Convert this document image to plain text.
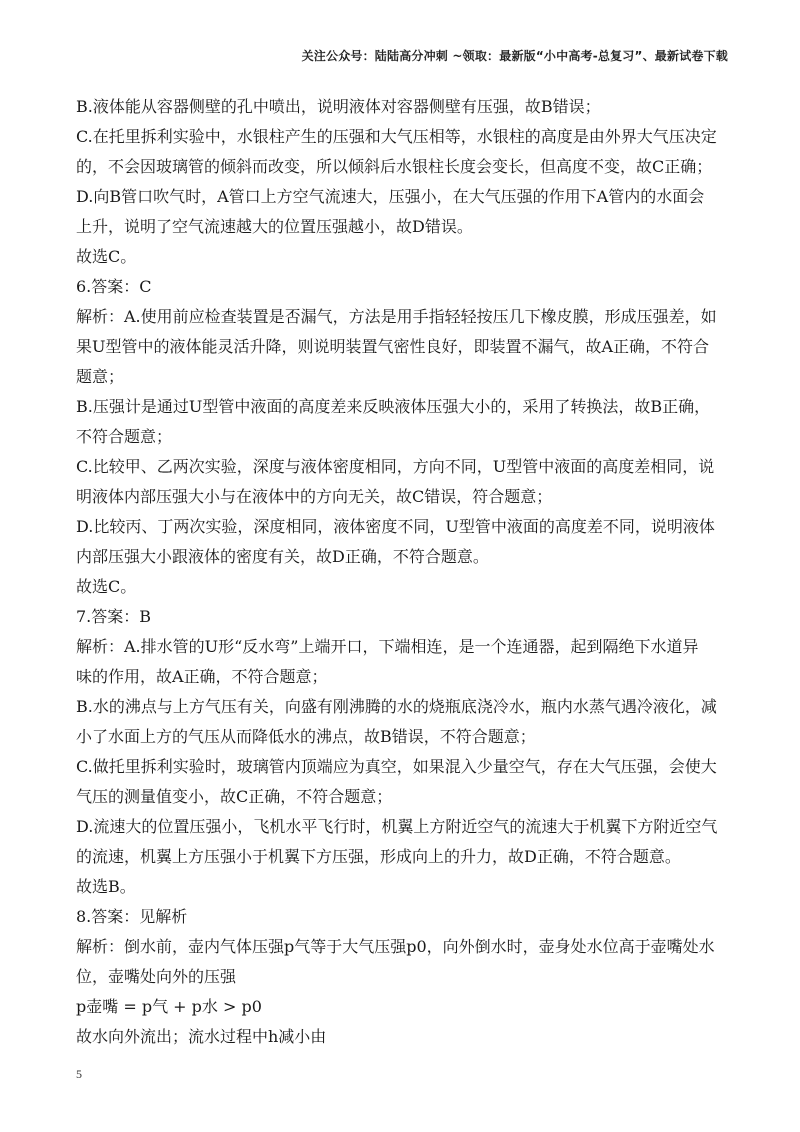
关注公众号：陆陆高分冲刺 ~领取：最新版“小中高考-总复习”、最新试卷下载
B.液体能从容器侧壁的孔中喷出，说明液体对容器侧壁有压强，故B错误；
C.在托里拆利实验中，水银柱产生的压强和大气压相等，水银柱的高度是由外界大气压决定
的，不会因玻璃管的倾斜而改变，所以倾斜后水银柱长度会变长，但高度不变，故C正确；
D.向B管口吹气时，A管口上方空气流速大，压强小，在大气压强的作用下A管内的水面会
上升，说明了空气流速越大的位置压强越小，故D错误。
故选C。
6.答案：C
解析：A.使用前应检查装置是否漏气，方法是用手指轻轻按压几下橡皮膜，形成压强差，如
果U型管中的液体能灵活升降，则说明装置气密性良好，即装置不漏气，故A正确，不符合
题意；
B.压强计是通过U型管中液面的高度差来反映液体压强大小的，采用了转换法，故B正确，
不符合题意；
C.比较甲、乙两次实验，深度与液体密度相同，方向不同，U型管中液面的高度差相同，说
明液体内部压强大小与在液体中的方向无关，故C错误，符合题意；
D.比较丙、丁两次实验，深度相同，液体密度不同，U型管中液面的高度差不同，说明液体
内部压强大小跟液体的密度有关，故D正确，不符合题意。
故选C。
7.答案：B
解析：A.排水管的U形“反水弯”上端开口，下端相连，是一个连通器，起到隔绝下水道异
味的作用，故A正确，不符合题意；
B.水的沸点与上方气压有关，向盛有刚沸腾的水的烧瓶底浇冷水，瓶内水蒸气遇冷液化，减
小了水面上方的气压从而降低水的沸点，故B错误，不符合题意；
C.做托里拆利实验时，玻璃管内顶端应为真空，如果混入少量空气，存在大气压强，会使大
气压的测量值变小，故C正确，不符合题意；
D.流速大的位置压强小，飞机水平飞行时，机翼上方附近空气的流速大于机翼下方附近空气
的流速，机翼上方压强小于机翼下方压强，形成向上的升力，故D正确，不符合题意。
故选B。
8.答案：见解析
解析：倒水前，壶内气体压强p气等于大气压强p0，向外倒水时，壶身处水位高于壶嘴处水
位，壶嘴处向外的压强
p壶嘴 = p气 + p水 > p0
故水向外流出；流水过程中h减小由
5
